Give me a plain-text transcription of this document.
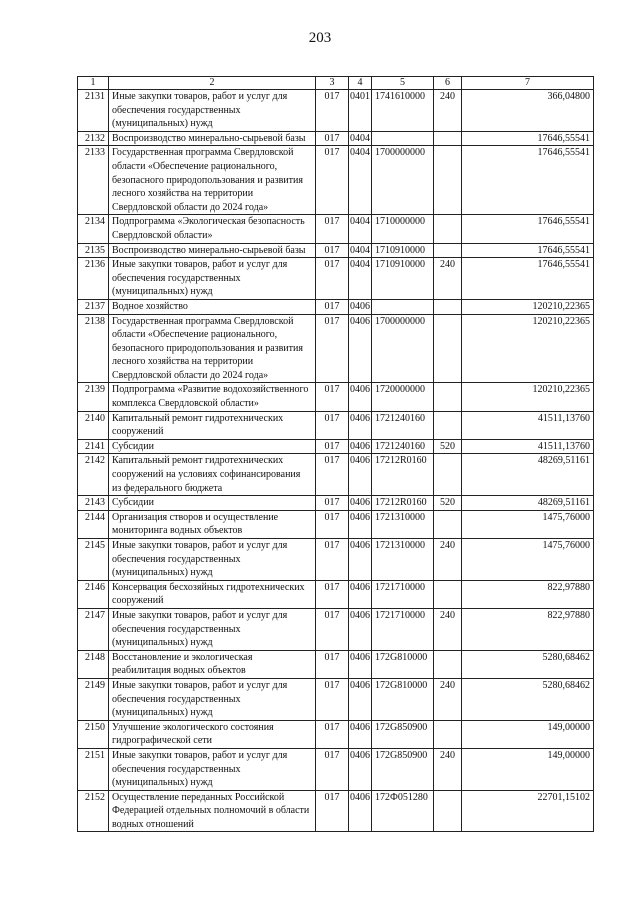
203
1	2	3	4	5	6	7
2131	Иные закупки товаров, работ и услуг для обеспечения государственных (муниципальных) нужд	017	0401	1741610000	240	366,04800
2132	Воспроизводство минерально-сырьевой базы	017	0404			17646,55541
2133	Государственная программа Свердловской области «Обеспечение рационального, безопасного природопользования и развития лесного хозяйства на территории Свердловской области до 2024 года»	017	0404	1700000000		17646,55541
2134	Подпрограмма «Экологическая безопасность Свердловской области»	017	0404	1710000000		17646,55541
2135	Воспроизводство минерально-сырьевой базы	017	0404	1710910000		17646,55541
2136	Иные закупки товаров, работ и услуг для обеспечения государственных (муниципальных) нужд	017	0404	1710910000	240	17646,55541
2137	Водное хозяйство	017	0406			120210,22365
2138	Государственная программа Свердловской области «Обеспечение рационального, безопасного природопользования и развития лесного хозяйства на территории Свердловской области до 2024 года»	017	0406	1700000000		120210,22365
2139	Подпрограмма «Развитие водохозяйственного комплекса Свердловской области»	017	0406	1720000000		120210,22365
2140	Капитальный ремонт гидротехнических сооружений	017	0406	1721240160		41511,13760
2141	Субсидии	017	0406	1721240160	520	41511,13760
2142	Капитальный ремонт гидротехнических сооружений на условиях софинансирования из федерального бюджета	017	0406	17212R0160		48269,51161
2143	Субсидии	017	0406	17212R0160	520	48269,51161
2144	Организация створов и осуществление мониторинга водных объектов	017	0406	1721310000		1475,76000
2145	Иные закупки товаров, работ и услуг для обеспечения государственных (муниципальных) нужд	017	0406	1721310000	240	1475,76000
2146	Консервация бесхозяйных гидротехнических сооружений	017	0406	1721710000		822,97880
2147	Иные закупки товаров, работ и услуг для обеспечения государственных (муниципальных) нужд	017	0406	1721710000	240	822,97880
2148	Восстановление и экологическая реабилитация водных объектов	017	0406	172G810000		5280,68462
2149	Иные закупки товаров, работ и услуг для обеспечения государственных (муниципальных) нужд	017	0406	172G810000	240	5280,68462
2150	Улучшение экологического состояния гидрографической сети	017	0406	172G850900		149,00000
2151	Иные закупки товаров, работ и услуг для обеспечения государственных (муниципальных) нужд	017	0406	172G850900	240	149,00000
2152	Осуществление переданных Российской Федерацией отдельных полномочий в области водных отношений	017	0406	172Ф051280		22701,15102
